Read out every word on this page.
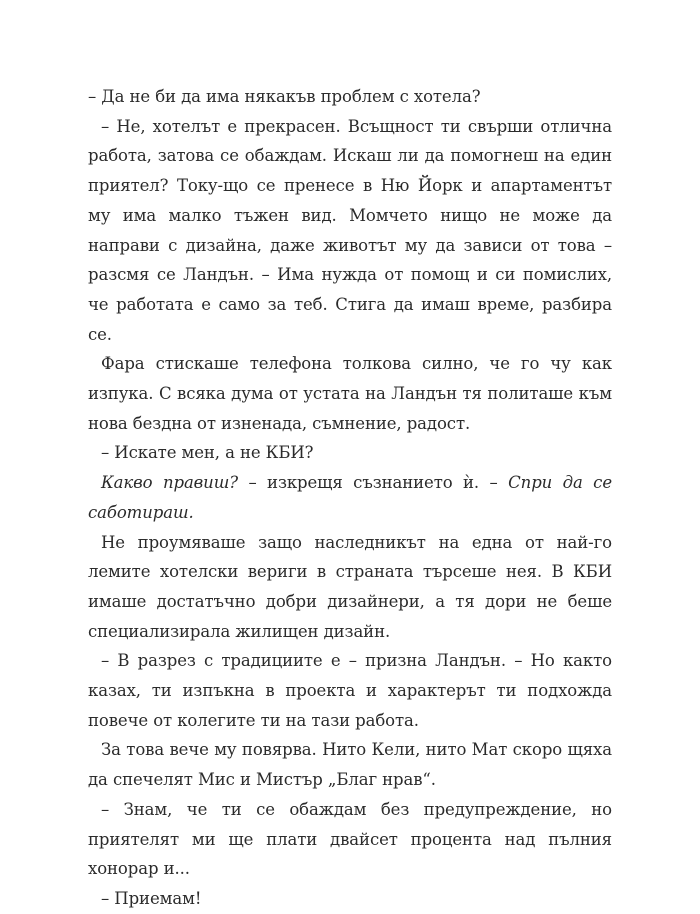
– Да не би да има някакъв проблем с хотела?

– Не, хотелът е прекрасен. Всъщност ти свърши отлична работа, затова се обаждам. Искаш ли да помогнеш на един приятел? Току-що се пренесе в Ню Йорк и апартаментът му има малко тъжен вид. Момчето нищо не може да направи с дизайна, даже животът му да зависи от това – разсмя се Ландън. – Има нужда от помощ и си помислих, че работата е само за теб. Стига да имаш време, разбира се.

Фара стискаше телефона толкова силно, че го чу как изпука. С всяка дума от устата на Ландън тя политаше към нова бездна от изненада, съмнение, радост.

– Искате мен, а не КБИ?

Какво правиш? – изкрещя съзнанието ѝ. – Спри да се саботираш.

Не проумяваше защо наследникът на една от най-го лемите хотелски вериги в страната търсеше нея. В КБИ имаше достатъчно добри дизайнери, а тя дори не беше специализирала жилищен дизайн.

– В разрез с традициите е – призна Ландън. – Но както казах, ти изпъкна в проекта и характерът ти подхожда повече от колегите ти на тази работа.

За това вече му повярва. Нито Кели, нито Мат скоро щяха да спечелят Мис и Мистър „Благ нрав“.

– Знам, че ти се обаждам без предупреждение, но приятелят ми ще плати двайсет процента над пълния хонорар и...

– Приемам!
